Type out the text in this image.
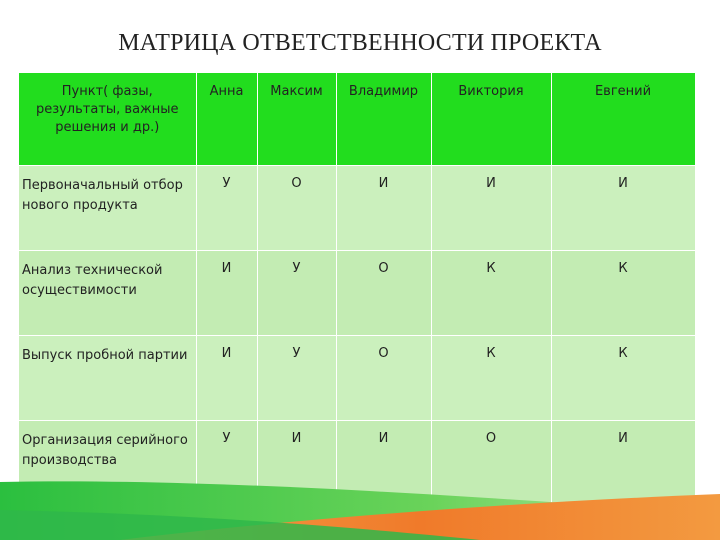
МАТРИЦА ОТВЕТСТВЕННОСТИ ПРОЕКТА
Пункт( фазы, результаты, важные решения и др.)	Анна	Максим	Владимир	Виктория	Евгений
Первоначальный отбор нового продукта	У	О	И	И	И
Анализ технической осуществимости	И	У	О	К	К
Выпуск пробной партии	И	У	О	К	К
Организация серийного производства	У	И	И	О	И
